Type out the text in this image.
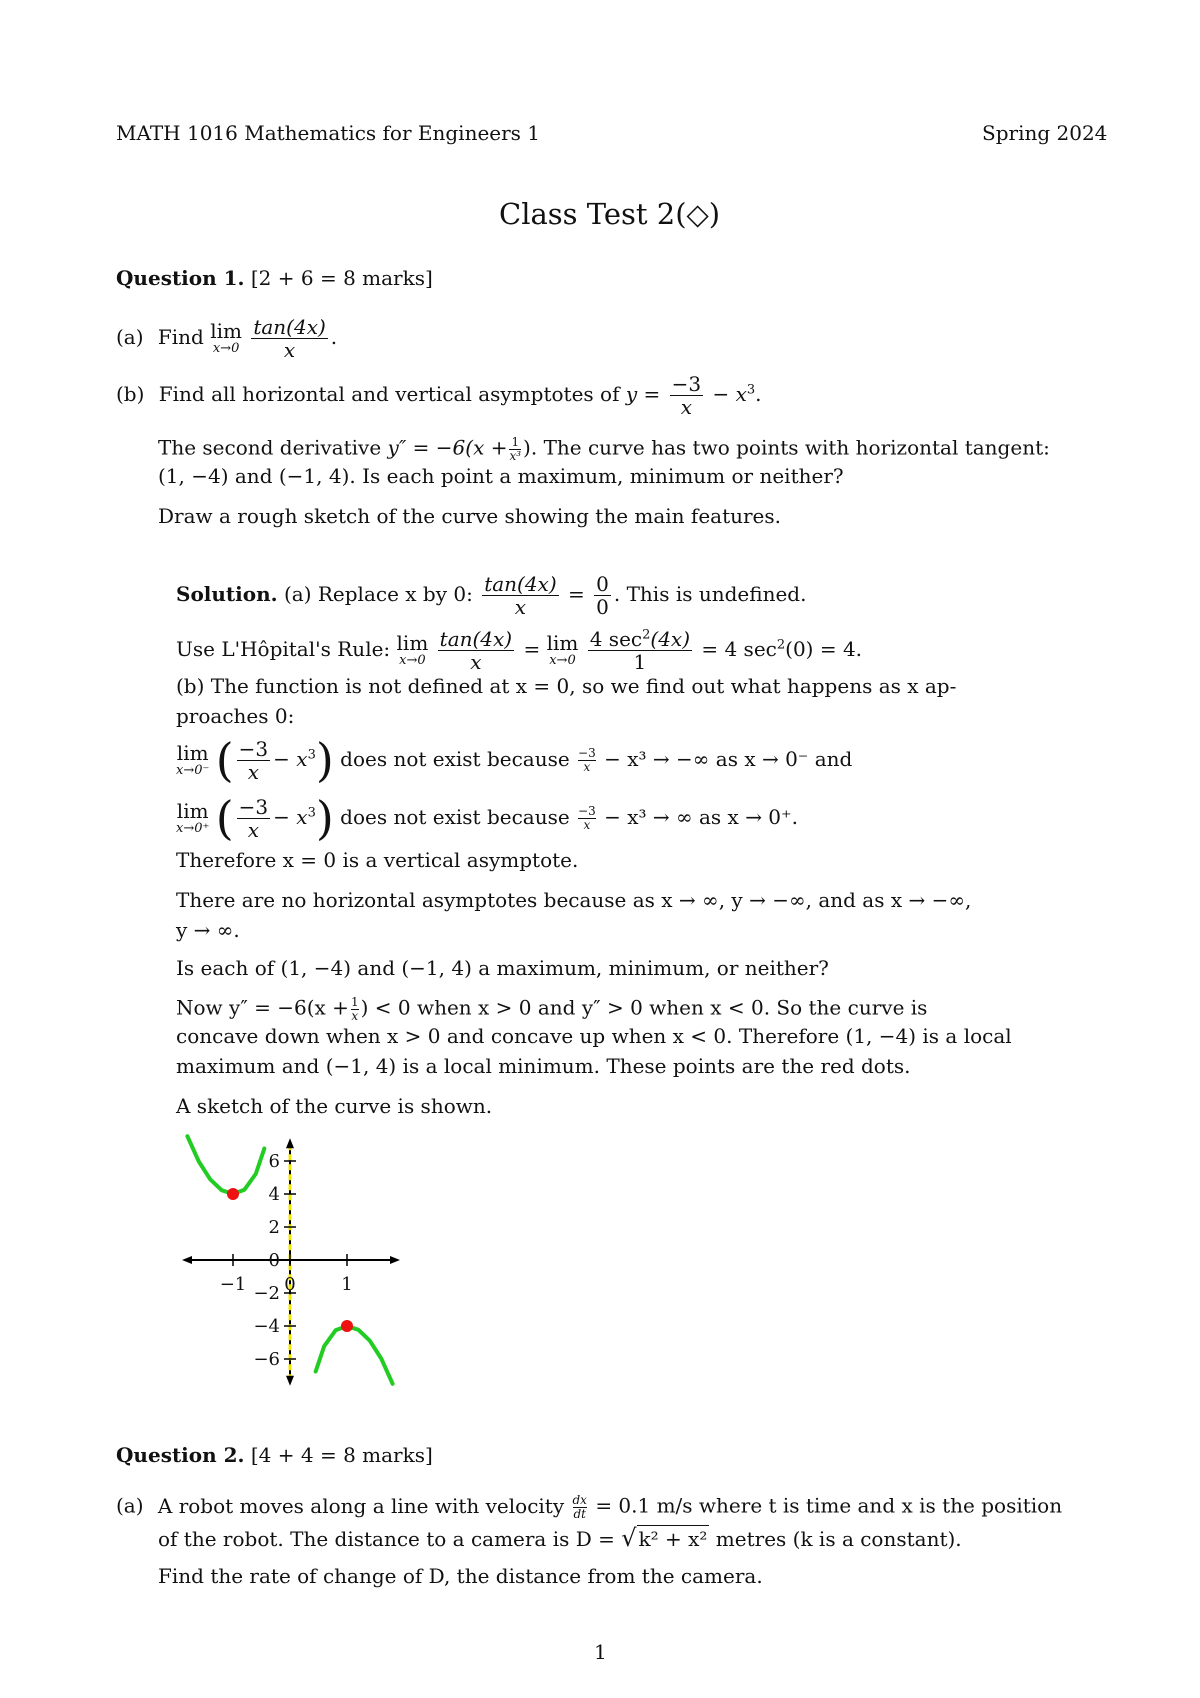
MATH 1016 Mathematics for Engineers 1	Spring 2024
Class Test 2(◇)
Question 1. [2 + 6 = 8 marks]
(a) Find lim
x→0
$\frac{\tan(4x)}{x}$ .
(b) Find all horizontal and vertical asymptotes of $y = \frac{-3}{x} - x^3$.
The second derivative $y'' = -6(x + \frac{1}{\text{x³}}$ ). The curve has two points with horizontal tangent:
(1, −4) and (−1, 4). Is each point a maximum, minimum or neither?
Draw a rough sketch of the curve showing the main features.
Solution. (a) Replace x by 0: $\frac{\tan(4x)}{x} = \frac{0}{0}$ . This is undefined.
Use L'Hôpital's Rule: lim
x→0
$\frac{\tan(4x)}{x} = \lim$
x→0
$\frac{4 \sec^2(4x)}{1} = 4$ $\sec^2(0) = 4$.
(b) The function is not defined at x = 0, so we find out what happens as x ap-
proaches 0:
lim
x→0⁻ ( $\frac{-3}{x} - x^3$) does not exist because $\frac{-3}{x} - x^3$ → −∞ as x → 0⁻ and
lim
x→0⁺ ( $\frac{-3}{x} - x^3$) does not exist because $\frac{-3}{x} - x^3$ → ∞ as x → 0⁺.
Therefore x = 0 is a vertical asymptote.
There are no horizontal asymptotes because as x → ∞, y → −∞, and as x → −∞,
y → ∞.
Is each of (1, −4) and (−1, 4) a maximum, minimum, or neither?
Now $y'' = -6(x + \frac{1}{x}$ ) < 0 when x > 0 and y″ > 0 when x < 0. So the curve is
concave down when x > 0 and concave up when x < 0. Therefore (1, −4) is a local
maximum and (−1, 4) is a local minimum. These points are the red dots.
A sketch of the curve is shown.
−1 0	1
−6
−4
−2
0
2
4
6
Question 2. [4 + 4 = 8 marks]
(a) A robot moves along a line with velocity $\frac{dx}{dt} = 0.1$ m/s where t is time and x is the position
of the robot. The distance to a camera is D = √ k² + x² metres (k is a constant).
Find the rate of change of D, the distance from the camera.
1
